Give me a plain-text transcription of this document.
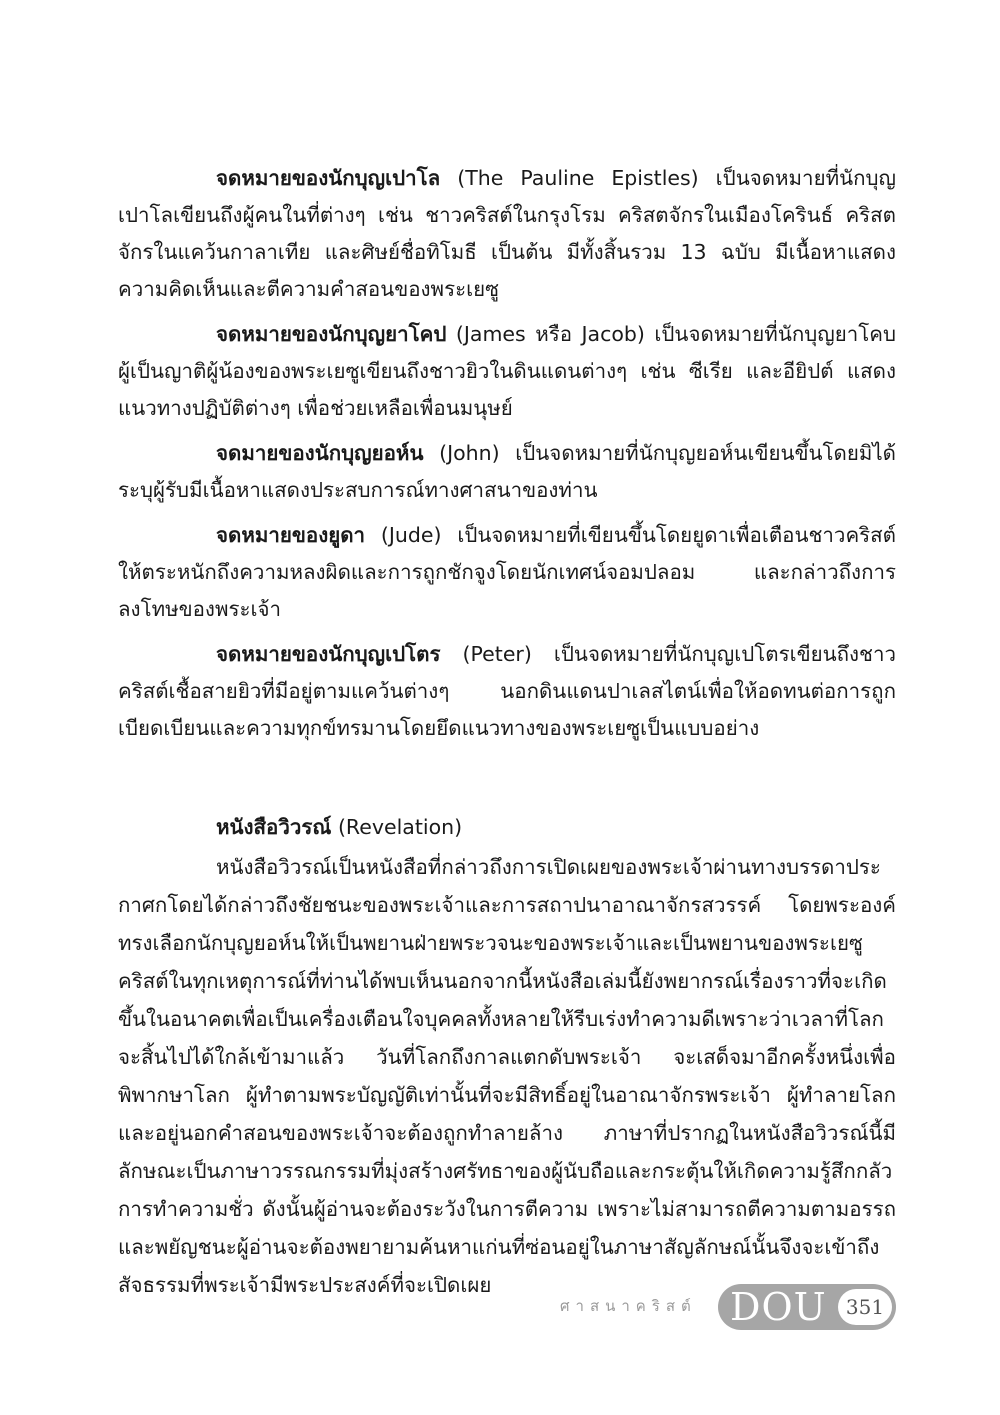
จดหมายของนักบุญเปาโล (The Pauline Epistles) เป็นจดหมายที่นักบุญเปาโลเขียนถึงผู้คนในที่ต่างๆ เช่น ชาวคริสต์ในกรุงโรม คริสตจักรในเมืองโครินธ์ คริสตจักรในแคว้นกาลาเทีย และศิษย์ชื่อทิโมธี เป็นต้น มีทั้งสิ้นรวม 13 ฉบับ มีเนื้อหาแสดงความคิดเห็นและตีความคำสอนของพระเยซู

จดหมายของนักบุญยาโคป (James หรือ Jacob) เป็นจดหมายที่นักบุญยาโคบผู้เป็นญาติผู้น้องของพระเยซูเขียนถึงชาวยิวในดินแดนต่างๆ เช่น ซีเรีย และอียิปต์ แสดงแนวทางปฏิบัติต่างๆ เพื่อช่วยเหลือเพื่อนมนุษย์

จดมายของนักบุญยอห์น (John) เป็นจดหมายที่นักบุญยอห์นเขียนขึ้นโดยมิได้ระบุผู้รับมีเนื้อหาแสดงประสบการณ์ทางศาสนาของท่าน

จดหมายของยูดา (Jude) เป็นจดหมายที่เขียนขึ้นโดยยูดาเพื่อเตือนชาวคริสต์ให้ตระหนักถึงความหลงผิดและการถูกชักจูงโดยนักเทศน์จอมปลอม และกล่าวถึงการลงโทษของพระเจ้า

จดหมายของนักบุญเปโตร (Peter) เป็นจดหมายที่นักบุญเปโตรเขียนถึงชาวคริสต์เชื้อสายยิวที่มีอยู่ตามแคว้นต่างๆ นอกดินแดนปาเลสไตน์เพื่อให้อดทนต่อการถูกเบียดเบียนและความทุกข์ทรมานโดยยึดแนวทางของพระเยซูเป็นแบบอย่าง

หนังสือวิวรณ์ (Revelation)

หนังสือวิวรณ์เป็นหนังสือที่กล่าวถึงการเปิดเผยของพระเจ้าผ่านทางบรรดาประกาศกโดยได้กล่าวถึงชัยชนะของพระเจ้าและการสถาปนาอาณาจักรสวรรค์ โดยพระองค์ทรงเลือกนักบุญยอห์นให้เป็นพยานฝ่ายพระวจนะของพระเจ้าและเป็นพยานของพระเยซูคริสต์ในทุกเหตุการณ์ที่ท่านได้พบเห็นนอกจากนี้หนังสือเล่มนี้ยังพยากรณ์เรื่องราวที่จะเกิดขึ้นในอนาคตเพื่อเป็นเครื่องเตือนใจบุคคลทั้งหลายให้รีบเร่งทำความดีเพราะว่าเวลาที่โลกจะสิ้นไปได้ใกล้เข้ามาแล้ว วันที่โลกถึงกาลแตกดับพระเจ้า จะเสด็จมาอีกครั้งหนึ่งเพื่อพิพากษาโลก ผู้ทำตามพระบัญญัติเท่านั้นที่จะมีสิทธิ์อยู่ในอาณาจักรพระเจ้า ผู้ทำลายโลกและอยู่นอกคำสอนของพระเจ้าจะต้องถูกทำลายล้าง ภาษาที่ปรากฏในหนังสือวิวรณ์นี้มีลักษณะเป็นภาษาวรรณกรรมที่มุ่งสร้างศรัทธาของผู้นับถือและกระตุ้นให้เกิดความรู้สึกกลัวการทำความชั่ว ดังนั้นผู้อ่านจะต้องระวังในการตีความ เพราะไม่สามารถตีความตามอรรถและพยัญชนะผู้อ่านจะต้องพยายามค้นหาแก่นที่ซ่อนอยู่ในภาษาสัญลักษณ์นั้นจึงจะเข้าถึงสัจธรรมที่พระเจ้ามีพระประสงค์ที่จะเปิดเผย

ศาสนาคริสต์ DOU 351
